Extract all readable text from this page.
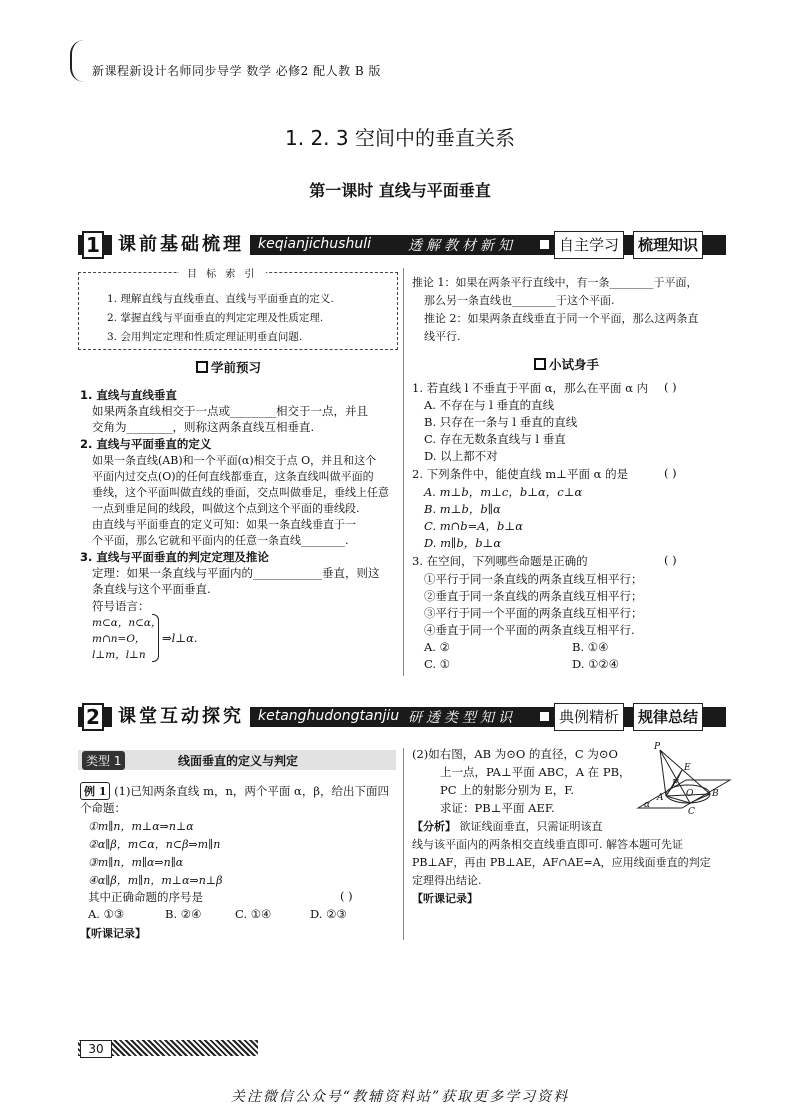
新课程新设计名师同步导学 数学 必修2 配人教 B 版
1. 2. 3 空间中的垂直关系
第一课时 直线与平面垂直
1	课前基础梳理	keqianjichushuli	透解教材新知	自主学习	梳理知识
目 标 索 引
1. 理解直线与直线垂直、直线与平面垂直的定义.
2. 掌握直线与平面垂直的判定定理及性质定理.
3. 会用判定定理和性质定理证明垂直问题.
学前预习
1. 直线与直线垂直
如果两条直线相交于一点或________相交于一点，并且
交角为________，则称这两条直线互相垂直.
2. 直线与平面垂直的定义
如果一条直线(AB)和一个平面(α)相交于点 O，并且和这个
平面内过交点(O)的任何直线都垂直，这条直线叫做平面的
垂线，这个平面叫做直线的垂面，交点叫做垂足，垂线上任意
一点到垂足间的线段，叫做这个点到这个平面的垂线段.
由直线与平面垂直的定义可知：如果一条直线垂直于一
个平面，那么它就和平面内的任意一条直线________.
3. 直线与平面垂直的判定定理及推论
定理：如果一条直线与平面内的____________垂直，则这
条直线与这个平面垂直.
符号语言：
m⊂α，n⊂α，
m∩n=O，
l⊥m，l⊥n
⇒l⊥α.
推论 1：如果在两条平行直线中，有一条________于平面，
那么另一条直线也________于这个平面.
推论 2：如果两条直线垂直于同一个平面，那么这两条直
线平行.
小试身手
1. 若直线 l 不垂直于平面 α，那么在平面 α 内 ( )
A. 不存在与 l 垂直的直线
B. 只存在一条与 l 垂直的直线
C. 存在无数条直线与 l 垂直
D. 以上都不对
2. 下列条件中，能使直线 m⊥平面 α 的是	( )
A. m⊥b，m⊥c，b⊥α，c⊥α
B. m⊥b，b∥α
C. m∩b=A，b⊥α
D. m∥b，b⊥α
3. 在空间，下列哪些命题是正确的	( )
①平行于同一条直线的两条直线互相平行；
②垂直于同一条直线的两条直线互相平行；
③平行于同一个平面的两条直线互相平行；
④垂直于同一个平面的两条直线互相平行.
A. ②	B. ①④
C. ①	D. ①②④
2	课堂互动探究	ketanghudongtanjiu 研透类型知识	典例精析	规律总结
类型 1	线面垂直的定义与判定
例 1 (1)已知两条直线 m，n，两个平面 α，β，给出下面四
个命题：
①m∥n，m⊥α⇒n⊥α
②α∥β，m⊂α，n⊂β⇒m∥n
③m∥n，m∥α⇒n∥α
④α∥β，m∥n，m⊥α⇒n⊥β
其中正确命题的序号是	( )
A. ①③	B. ②④	C. ①④	D. ②③
【听课记录】
(2)如右图，AB 为⊙O 的直径，C 为⊙O
上一点，PA⊥平面 ABC，A 在 PB，
PC 上的射影分别为 E，F.
求证：PB⊥平面 AEF.
【分析】 欲证线面垂直，只需证明该直
线与该平面内的两条相交直线垂直即可. 解答本题可先证
PB⊥AF，再由 PB⊥AE，AF∩AE=A，应用线面垂直的判定
定理得出结论.
【听课记录】
P
E
F
A	B
C
O
α
30
关注微信公众号“教辅资料站”获取更多学习资料
